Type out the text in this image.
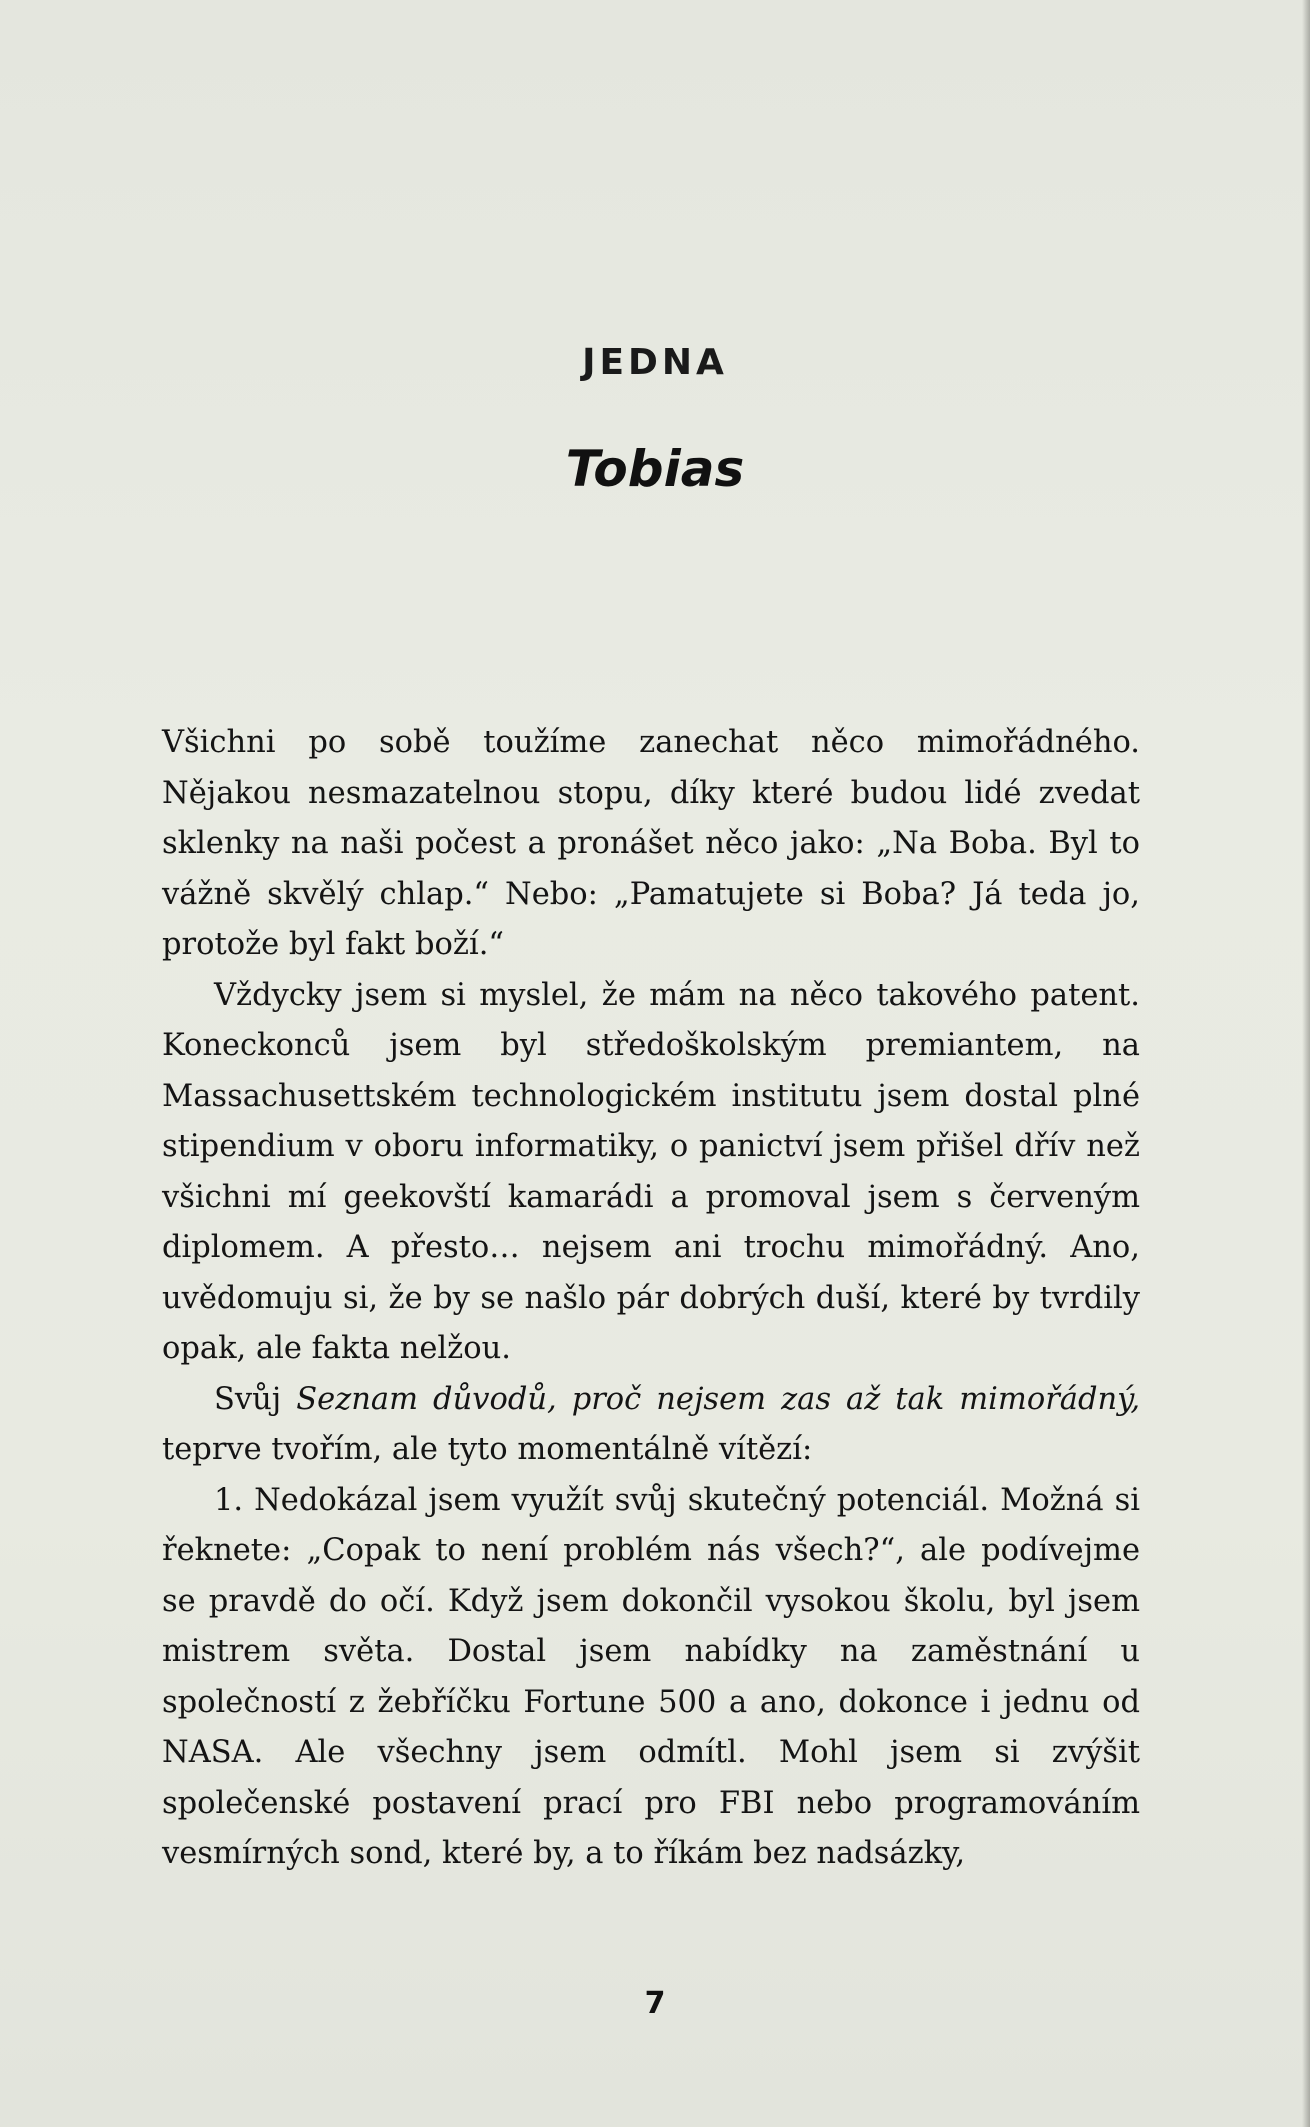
JEDNA
Tobias

Všichni po sobě toužíme zanechat něco mimořádného. Nějakou nesmazatelnou stopu, díky které budou lidé zvedat sklenky na naši počest a pronášet něco jako: „Na Boba. Byl to vážně skvělý chlap.“ Nebo: „Pamatujete si Boba? Já teda jo, protože byl fakt boží.“

Vždycky jsem si myslel, že mám na něco takového patent. Koneckonců jsem byl středoškolským premiantem, na Massachusettském technologickém institutu jsem dostal plné stipendium v oboru informatiky, o panictví jsem přišel dřív než všichni mí geekovští kamarádi a promoval jsem s červeným diplomem. A přesto… nejsem ani trochu mimořádný. Ano, uvědomuju si, že by se našlo pár dobrých duší, které by tvrdily opak, ale fakta nelžou.

Svůj Seznam důvodů, proč nejsem zas až tak mimořádný, teprve tvořím, ale tyto momentálně vítězí:

1. Nedokázal jsem využít svůj skutečný potenciál. Možná si řeknete: „Copak to není problém nás všech?“, ale podívejme se pravdě do očí. Když jsem dokončil vysokou školu, byl jsem mistrem světa. Dostal jsem nabídky na zaměstnání u společností z žebříčku Fortune 500 a ano, dokonce i jednu od NASA. Ale všechny jsem odmítl. Mohl jsem si zvýšit společenské postavení prací pro FBI nebo programováním vesmírných sond, které by, a to říkám bez nadsázky,

7
